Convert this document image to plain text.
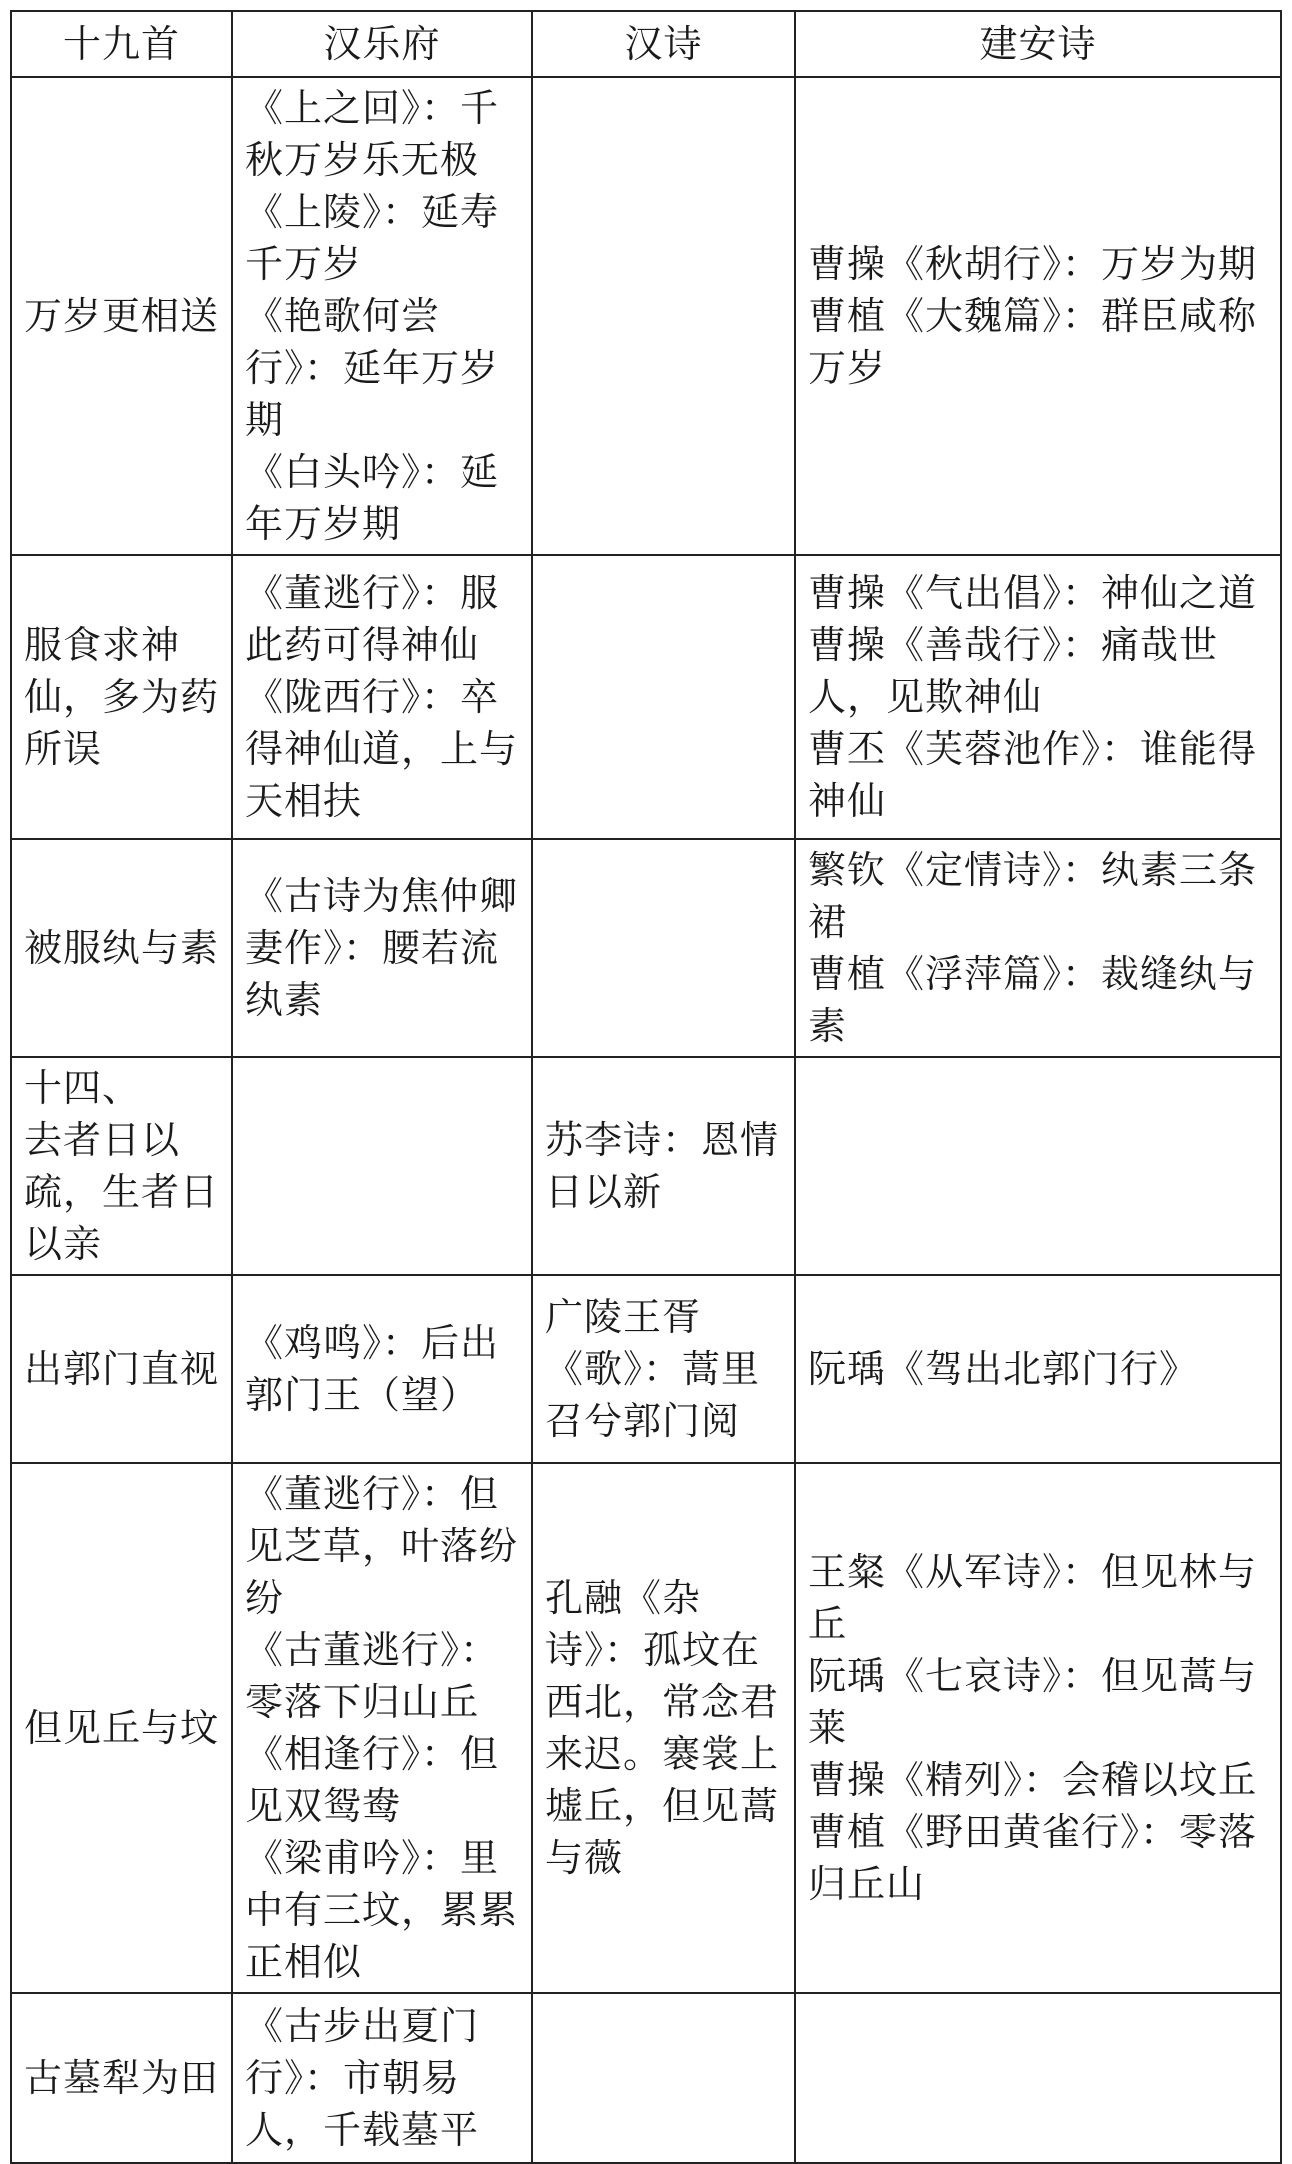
十九首	汉乐府	汉诗	建安诗

万岁更相送	《上之回》：千秋万岁乐无极
《上陵》：延寿千万岁
《艳歌何尝行》：延年万岁期
《白头吟》：延年万岁期		曹操《秋胡行》：万岁为期
曹植《大魏篇》：群臣咸称万岁

服食求神仙，多为药所误	《董逃行》：服此药可得神仙
《陇西行》：卒得神仙道，上与天相扶		曹操《气出倡》：神仙之道
曹操《善哉行》：痛哉世人，见欺神仙
曹丕《芙蓉池作》：谁能得神仙

被服纨与素	《古诗为焦仲卿妻作》：腰若流纨素		繁钦《定情诗》：纨素三条裙
曹植《浮萍篇》：裁缝纨与素

十四、
去者日以疏，生者日以亲		苏李诗：恩情日以新	

出郭门直视	《鸡鸣》：后出郭门王（望）	广陵王胥《歌》：蒿里召兮郭门阅	阮瑀《驾出北郭门行》

但见丘与坟	《董逃行》：但见芝草，叶落纷纷
《古董逃行》：零落下归山丘
《相逢行》：但见双鸳鸯
《梁甫吟》：里中有三坟，累累正相似	孔融《杂诗》：孤坟在西北，常念君来迟。褰裳上墟丘，但见蒿与薇	王粲《从军诗》：但见林与丘
阮瑀《七哀诗》：但见蒿与莱
曹操《精列》：会稽以坟丘
曹植《野田黄雀行》：零落归丘山

古墓犁为田	《古步出夏门行》：市朝易人，千载墓平		
